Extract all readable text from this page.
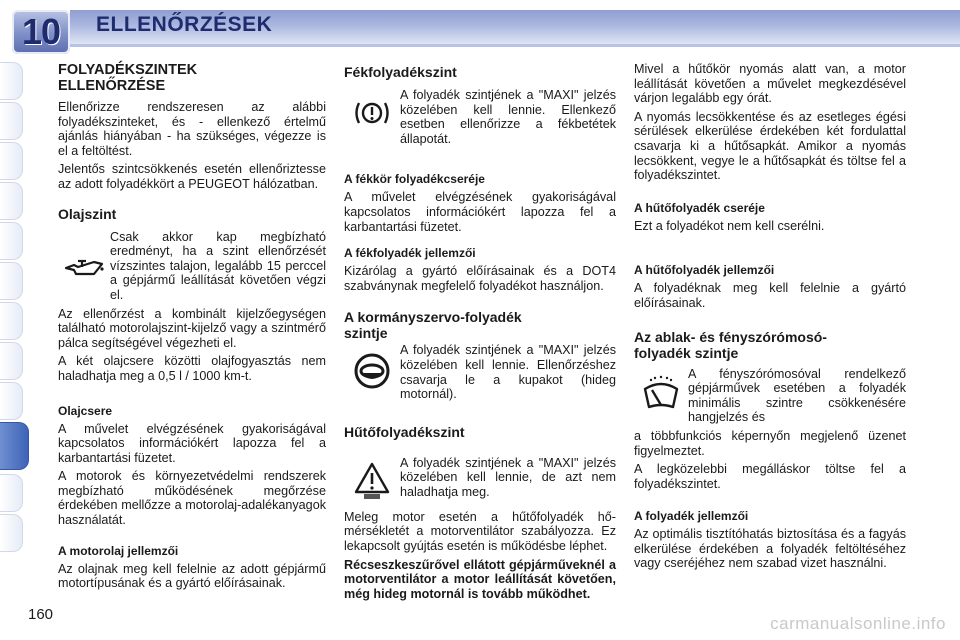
10 ELLENŐRZÉSEK
FOLYADÉKSZINTEK
ELLENŐRZÉSE

Ellenőrizze rendszeresen az alábbi folyadékszinteket, és - ellenkező értelmű ajánlás hiányában - ha szükséges, végezze is el a feltöltést.

Jelentős szintcsökkenés esetén ellenőriztesse az adott folyadékkört a PEUGEOT hálózatban.

Olajszint

Csak akkor kap megbízható eredményt, ha a szint ellenőrzését vízszintes talajon, legalább 15 perccel a gépjármű leállítását követően végzi el.

Az ellenőrzést a kombinált kijelzőegységen található motorolajszint-kijelző vagy a szintmérő pálca segítségével végezheti el.

A két olajcsere közötti olajfogyasztás nem haladhatja meg a 0,5 l / 1000 km-t.

Olajcsere

A művelet elvégzésének gyakoriságával kapcsolatos információkért lapozza fel a karbantartási füzetet.

A motorok és környezetvédelmi rendszerek megbízható működésének megőrzése érdekében mellőzze a motorolaj-adalékanyagok használatát.

A motorolaj jellemzői

Az olajnak meg kell felelnie az adott gépjármű motortípusának és a gyártó előírásainak.

Fékfolyadékszint

A folyadék szintjének a "MAXI" jelzés közelében kell lennie. Ellenkező esetben ellenőrizze a fékbetétek állapotát.

A fékkör folyadékcseréje

A művelet elvégzésének gyakoriságával kapcsolatos információkért lapozza fel a karbantartási füzetet.

A fékfolyadék jellemzői

Kizárólag a gyártó előírásainak és a DOT4 szabványnak megfelelő folyadékot használjon.

A kormányszervo-folyadék
szintje

A folyadék szintjének a "MAXI" jelzés közelében kell lennie. Ellenőrzéshez csavarja le a kupakot (hideg motornál).

Hűtőfolyadékszint

A folyadék szintjének a "MAXI" jelzés közelében kell lennie, de azt nem haladhatja meg.

Meleg motor esetén a hűtőfolyadék hőmérsékletét a motorventilátor szabályozza. Ez lekapcsolt gyújtás esetén is működésbe léphet.

Récseszkeszűrővel ellátott gépjárműveknél a motorventilátor a motor leállítását követően, még hideg motornál is tovább működhet.

Mivel a hűtőkör nyomás alatt van, a motor leállítását követően a művelet megkezdésével várjon legalább egy órát.

A nyomás lecsökkentése és az esetleges égési sérülések elkerülése érdekében két fordulattal csavarja ki a hűtősapkát. Amikor a nyomás lecsökkent, vegye le a hűtősapkát és töltse fel a folyadékszintet.

A hűtőfolyadék cseréje

Ezt a folyadékot nem kell cserélni.

A hűtőfolyadék jellemzői

A folyadéknak meg kell felelnie a gyártó előírásainak.

Az ablak- és fényszórómosó-
folyadék szintje

A fényszórómosóval rendelkező gépjárművek esetében a folyadék minimális szintre csökkenésére hangjelzés és

a többfunkciós képernyőn megjelenő üzenet figyelmeztet.

A legközelebbi megálláskor töltse fel a folyadékszintet.

A folyadék jellemzői

Az optimális tisztítóhatás biztosítása és a fagyás elkerülése érdekében a folyadék feltöltéséhez vagy cseréjéhez nem szabad vizet használni.

160	carmanualsonline.info
